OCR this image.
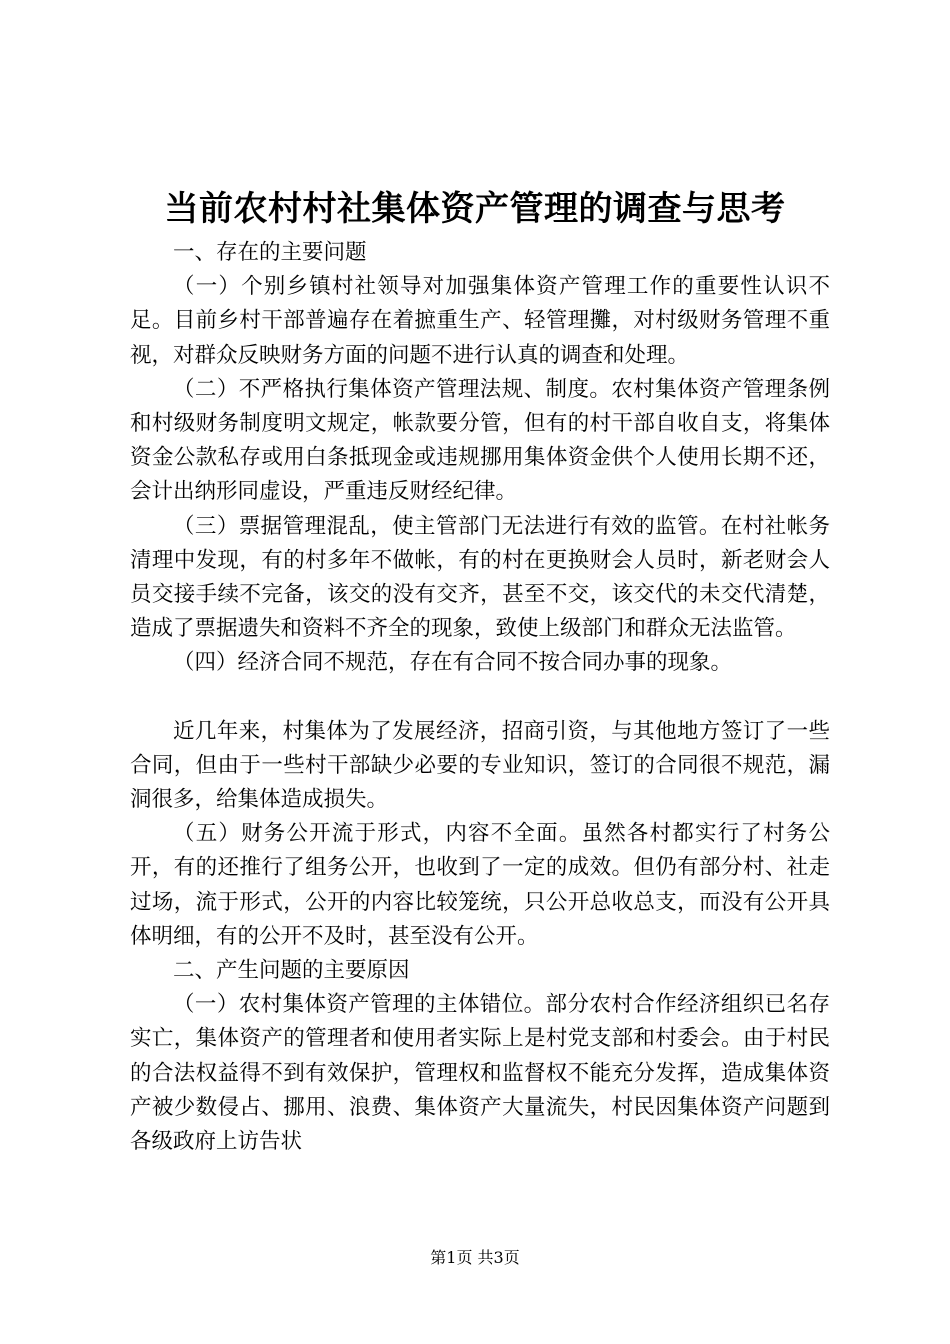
当前农村村社集体资产管理的调查与思考

一、存在的主要问题

（一）个别乡镇村社领导对加强集体资产管理工作的重要性认识不足。目前乡村干部普遍存在着摭重生产、轻管理攤，对村级财务管理不重视，对群众反映财务方面的问题不进行认真的调查和处理。

（二）不严格执行集体资产管理法规、制度。农村集体资产管理条例和村级财务制度明文规定，帐款要分管，但有的村干部自收自支，将集体资金公款私存或用白条抵现金或违规挪用集体资金供个人使用长期不还，会计出纳形同虚设，严重违反财经纪律。

（三）票据管理混乱，使主管部门无法进行有效的监管。在村社帐务清理中发现，有的村多年不做帐，有的村在更换财会人员时，新老财会人员交接手续不完备，该交的没有交齐，甚至不交，该交代的未交代清楚，造成了票据遗失和资料不齐全的现象，致使上级部门和群众无法监管。

（四）经济合同不规范，存在有合同不按合同办事的现象。

近几年来，村集体为了发展经济，招商引资，与其他地方签订了一些合同，但由于一些村干部缺少必要的专业知识，签订的合同很不规范，漏洞很多，给集体造成损失。

（五）财务公开流于形式，内容不全面。虽然各村都实行了村务公开，有的还推行了组务公开，也收到了一定的成效。但仍有部分村、社走过场，流于形式，公开的内容比较笼统，只公开总收总支，而没有公开具体明细，有的公开不及时，甚至没有公开。

二、产生问题的主要原因

（一）农村集体资产管理的主体错位。部分农村合作经济组织已名存实亡，集体资产的管理者和使用者实际上是村党支部和村委会。由于村民的合法权益得不到有效保护，管理权和监督权不能充分发挥，造成集体资产被少数侵占、挪用、浪费、集体资产大量流失，村民因集体资产问题到各级政府上访告状

第1页 共3页
